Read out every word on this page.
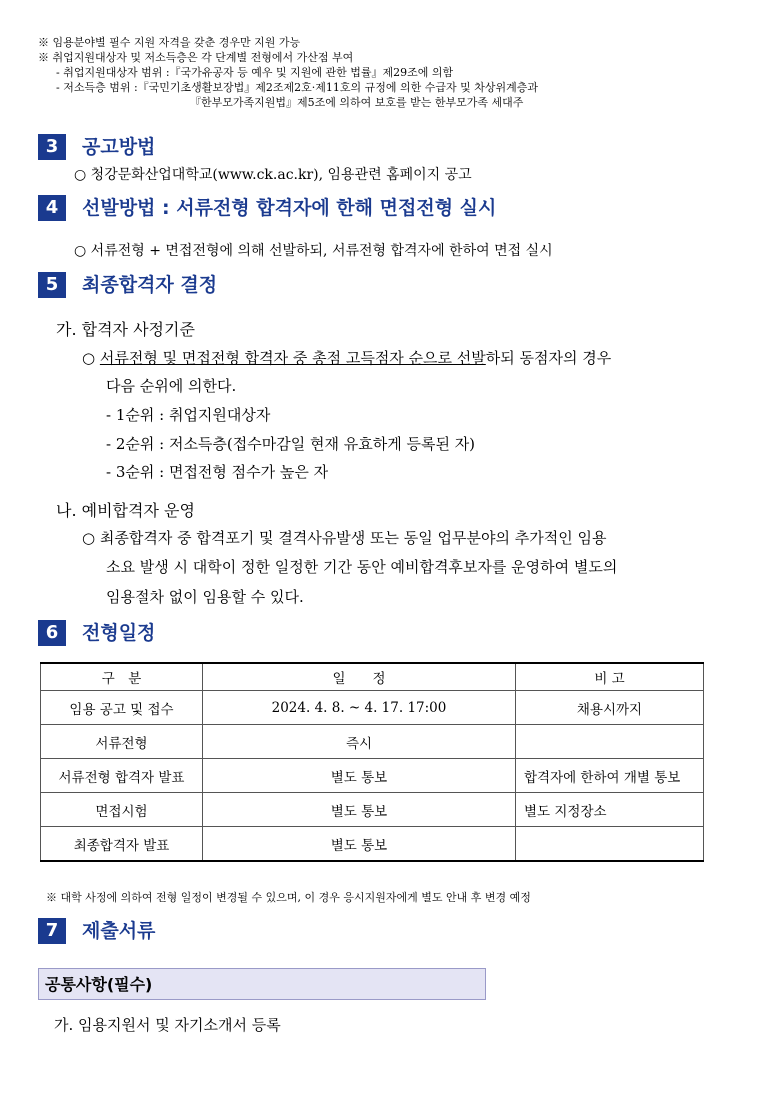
※ 임용분야별 필수 지원 자격을 갖춘 경우만 지원 가능
※ 취업지원대상자 및 저소득층은 각 단계별 전형에서 가산점 부여
- 취업지원대상자 범위 :『국가유공자 등 예우 및 지원에 관한 법률』제29조에 의함
- 저소득층 범위 :『국민기초생활보장법』제2조제2호·제11호의 규정에 의한 수급자 및 차상위계층과
『한부모가족지원법』제5조에 의하여 보호를 받는 한부모가족 세대주
3	공고방법
○ 청강문화산업대학교(www.ck.ac.kr), 임용관련 홈페이지 공고
4	선발방법 : 서류전형 합격자에 한해 면접전형 실시
○ 서류전형 + 면접전형에 의해 선발하되, 서류전형 합격자에 한하여 면접 실시
5	최종합격자 결정
가. 합격자 사정기준
○ 서류전형 및 면접전형 합격자 중 총점 고득점자 순으로 선발하되 동점자의 경우
다음 순위에 의한다.
- 1순위 : 취업지원대상자
- 2순위 : 저소득층(접수마감일 현재 유효하게 등록된 자)
- 3순위 : 면접전형 점수가 높은 자
나. 예비합격자 운영
○ 최종합격자 중 합격포기 및 결격사유발생 또는 동일 업무분야의 추가적인 임용
소요 발생 시 대학이 정한 일정한 기간 동안 예비합격후보자를 운영하여 별도의
임용절차 없이 임용할 수 있다.
6	전형일정
구　분	일　　정	비 고
임용 공고 및 접수	2024. 4. 8. ~ 4. 17. 17:00	채용시까지
서류전형	즉시	
서류전형 합격자 발표	별도 통보	합격자에 한하여 개별 통보
면접시험	별도 통보	별도 지정장소
최종합격자 발표	별도 통보	
※ 대학 사정에 의하여 전형 일정이 변경될 수 있으며, 이 경우 응시지원자에게 별도 안내 후 변경 예정
7	제출서류
공통사항(필수)
가. 임용지원서 및 자기소개서 등록
